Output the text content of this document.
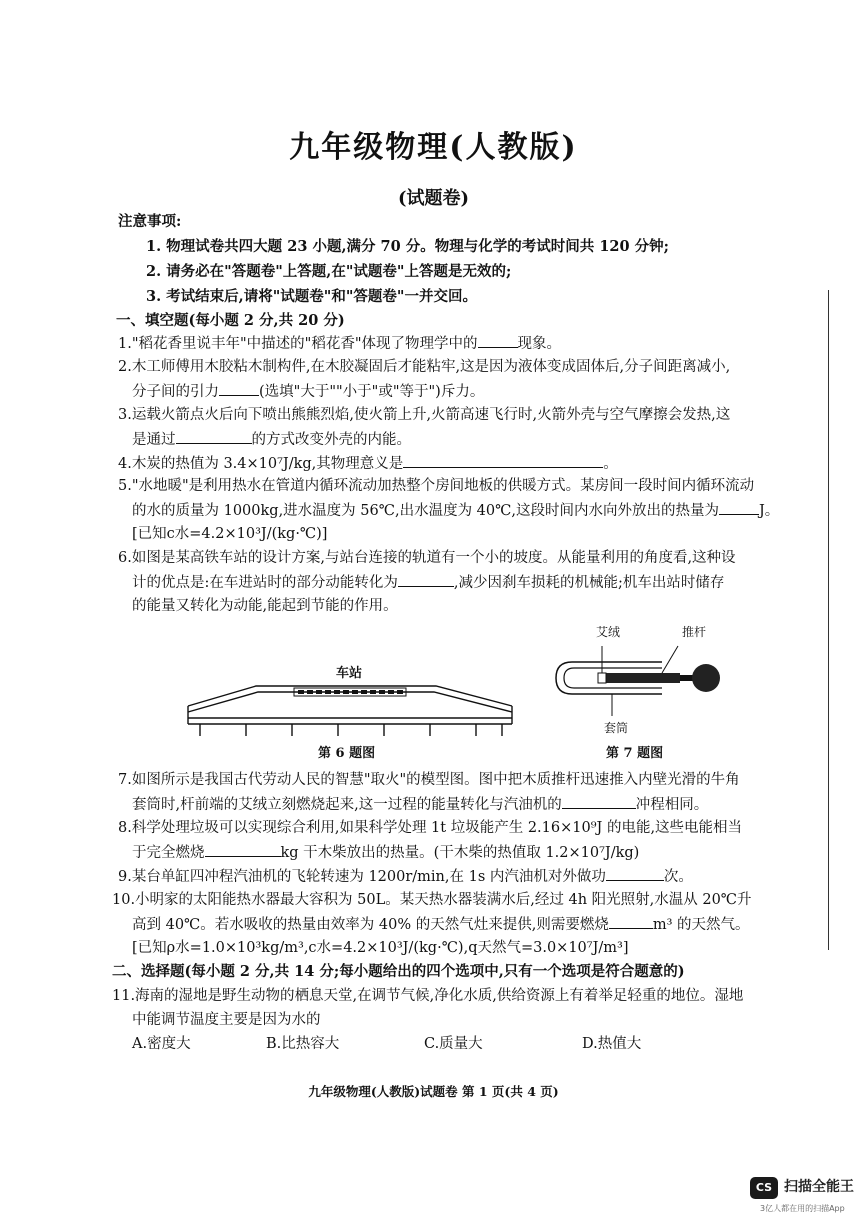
九年级物理(人教版)
(试题卷)
注意事项:
1. 物理试卷共四大题 23 小题,满分 70 分。物理与化学的考试时间共 120 分钟;
2. 请务必在"答题卷"上答题,在"试题卷"上答题是无效的;
3. 考试结束后,请将"试题卷"和"答题卷"一并交回。
一、填空题(每小题 2 分,共 20 分)
1."稻花香里说丰年"中描述的"稻花香"体现了物理学中的	现象。
2.木工师傅用木胶粘木制构件,在木胶凝固后才能粘牢,这是因为液体变成固体后,分子间距离减小,
分子间的引力	(选填"大于""小于"或"等于")斥力。
3.运载火箭点火后向下喷出熊熊烈焰,使火箭上升,火箭高速飞行时,火箭外壳与空气摩擦会发热,这
是通过	的方式改变外壳的内能。
4.木炭的热值为 3.4×10⁷J/kg,其物理意义是	。
5."水地暖"是利用热水在管道内循环流动加热整个房间地板的供暖方式。某房间一段时间内循环流动
的水的质量为 1000kg,进水温度为 56℃,出水温度为 40℃,这段时间内水向外放出的热量为	J。
[已知c水=4.2×10³J/(kg·℃)]
6.如图是某高铁车站的设计方案,与站台连接的轨道有一个小的坡度。从能量利用的角度看,这种设
计的优点是:在车进站时的部分动能转化为	,减少因刹车损耗的机械能;机车出站时储存
的能量又转化为动能,能起到节能的作用。
车站
第 6 题图
艾绒	推杆
套筒
第 7 题图
7.如图所示是我国古代劳动人民的智慧"取火"的模型图。图中把木质推杆迅速推入内壁光滑的牛角
套筒时,杆前端的艾绒立刻燃烧起来,这一过程的能量转化与汽油机的	冲程相同。
8.科学处理垃圾可以实现综合利用,如果科学处理 1t 垃圾能产生 2.16×10⁹J 的电能,这些电能相当
于完全燃烧	kg 干木柴放出的热量。(干木柴的热值取 1.2×10⁷J/kg)
9.某台单缸四冲程汽油机的飞轮转速为 1200r/min,在 1s 内汽油机对外做功	次。
10.小明家的太阳能热水器最大容积为 50L。某天热水器装满水后,经过 4h 阳光照射,水温从 20℃升
高到 40℃。若水吸收的热量由效率为 40% 的天然气灶来提供,则需要燃烧	m³ 的天然气。
[已知ρ水=1.0×10³kg/m³,c水=4.2×10³J/(kg·℃),q天然气=3.0×10⁷J/m³]
二、选择题(每小题 2 分,共 14 分;每小题给出的四个选项中,只有一个选项是符合题意的)
11.海南的湿地是野生动物的栖息天堂,在调节气候,净化水质,供给资源上有着举足轻重的地位。湿地
中能调节温度主要是因为水的
A.密度大	B.比热容大	C.质量大	D.热值大
九年级物理(人教版)试题卷 第 1 页(共 4 页)
CS 扫描全能王
3亿人都在用的扫描App
